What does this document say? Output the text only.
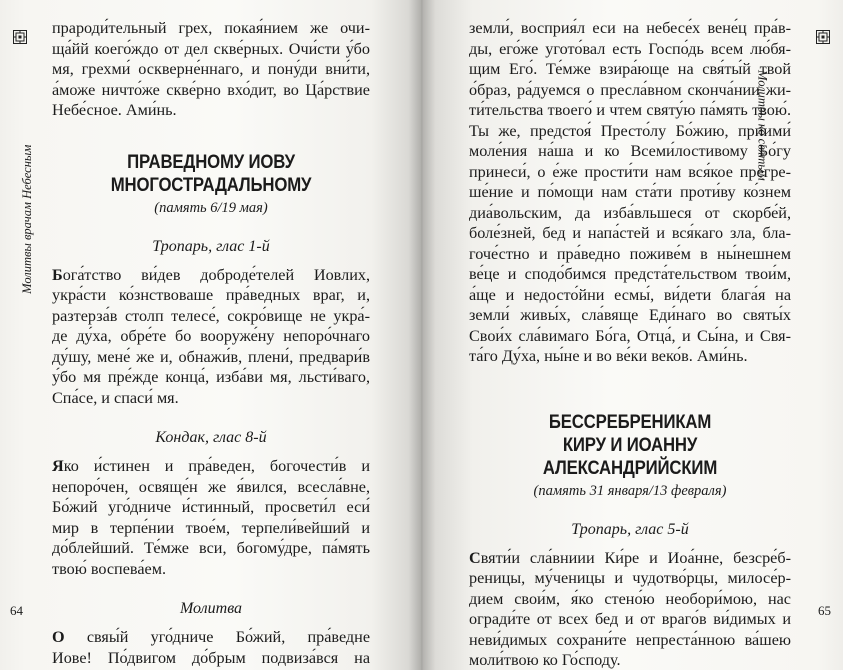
Молитвы врачам Небесным

прароди́тельный грех, покая́нием же очи-

ща́йй коего́ждо от дел скве́рных. Очи́сти у́бо

мя, грехми́ оскверне́ннаго, и пону́ди вни́ти,

а́може ничто́же скве́рно вхо́дит, во Ца́рствие

Небе́сное. Ами́нь.

ПРАВЕДНОМУ ИОВУ

МНОГОСТРАДАЛЬНОМУ

(память 6/19 мая)

Тропарь, глас 1-й

Бога́тство ви́дев доброде́телей Иовлих,

укра́сти ко́знствоваше пра́ведных враг, и,

разтерза́в столп телесе́, сокро́вище не укра́-

де ду́ха, обре́те бо вооруже́ну непоро́чнаго

ду́шу, мене́ же и, обнажи́в, плени́, предвари́в

у́бо мя пре́жде конца́, изба́ви мя, льсти́ваго,

Спа́се, и спаси́ мя.

Кондак, глас 8-й

Яко и́стинен и пра́веден, богочести́в и

непоро́чен, освяще́н же я́вился, всесла́вне,

Бо́жий уго́дниче и́стинный, просвети́л еси́

мир в терпе́нии твое́м, терпели́вейший и

до́блейший. Те́мже вси, богому́дре, па́мять

твою́ воспева́ем.

Молитва

О свяы́й уго́дниче Бо́жий, пра́ведне

Иове! По́двигом до́брым подвиза́вся на

64
Молитвы ко святым

земли́, восприя́л еси на небесе́х вене́ц пра́в-

ды, его́же угото́вал есть Госпо́дь всем лю́бя-

щим Его́. Те́мже взира́юще на свя́ты́й твой

о́браз, ра́дуемся о пресла́вном сконча́нии жи-

ти́тельства твоего́ и чтем святу́ю па́мять твою́.

Ты же, предстоя́ Престо́лу Бо́жию, приими́

моле́ния на́ша и ко Всеми́лостивому Бо́гу

принеси́, о е́же прости́ти нам вся́кое прегре-

ше́ние и по́мощи нам ста́ти проти́ву ко́знем

диа́вольским, да изба́вльшеся от скорбе́й,

боле́зней, бед и напа́стей и вся́каго зла, бла-

гоче́стно и пра́ведно поживе́м в ны́нешнем

ве́це и сподо́бимся предста́тельством твои́м,

а́ще и недосто́йни есмы́, ви́дети блага́я на

земли́ живы́х, сла́вяще Еди́наго во святы́х

Свои́х сла́вимаго Бо́га, Отца́, и Сы́на, и Свя-

та́го Ду́ха, ны́не и во ве́ки веко́в. Ами́нь.

БЕССРЕБРЕНИКАМ

КИРУ И ИОАННУ

АЛЕКСАНДРИЙСКИМ

(память 31 января/13 февраля)

Тропарь, глас 5-й

Святи́и сла́вниии Ки́ре и Иоа́нне, безсре́б-

реницы, му́ченицы и чудотво́рцы, милосе́р-

дием свои́м, я́ко стено́ю необори́мою, нас

огради́те от всех бед и от враго́в ви́димых и

неви́димых сохрани́те непреста́нною ва́шею

моли́твою ко Го́споду.

65
